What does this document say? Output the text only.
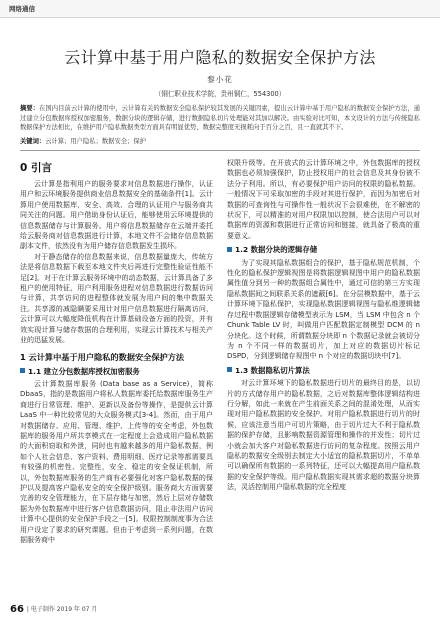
网络通信
云计算中基于用户隐私的数据安全保护方法
黎小花
（铜仁职业技术学院，贵州铜仁，554300）
摘要：在国内目前云计算的使用中，云计算有关的数据安全隐私保护较其发展的关键因素，提出云计算中基于用户隐私的数据安全保护方法，通过建立分包数据库授权加密服务，数据分块的逻辑存储，进行数据隐私切片处理能对其加以解决。由实验对比可知，本文设计的方法与传统隐私数据保护方法相比，在维护用户隐私数据类型方面具有明显优势，数据完整度无损耗向于百分之百，且一直就其不下。
关键词：云计算；用户隐私；数据安全；保护
0 引言

云计算是指利用户的服务要求对信息数据进行操作，认证用户和云环境服务提供商业信息数据安全的基础条件[1]。云计算用户使用数据库，安全、高效、合理的认证用户与服务商共同关注的问题。用户借助身份认证后，能够使用云环境提供的信息数据储存与计算服务。用户将信息数据储存在云端并委托给云服务商对信息数据进行计算，本地文件不会储存信息数据副本文件，依然没有为用户储存信息数据发生损坏。

对于静态储存的信息数据来说，信息数据量庞大，传统方法是将信息数据下载至本地文件夹后再进行完整性验证性能不足[2]。对于在计算云服务环境中的动态数据，云计算具备了多租户的使用特征，用户利用服务进程对信息数据进行数据访问与计算，共享访问的进程整体就发展为用户间的集中数据关注。共享源的减隐瞒要采用计对用户信息数据进行隔离访问，云计算可以大幅度降低机构在计算基础设备方面的投资，并有效实现计算与储存数据的合理利用，实现云计算技术与相关产业的迅猛发展。

1 云计算中基于用户隐私的数据安全保护方法
1.1 建立分包数据库授权加密服务

云计算数据库服务 (Data base as a Service)，简称 DbaaS，指的是数据用户将私人数据库委托给数据库服务生产商进行日常管理、维护、更新以及备份等操作，是提供云计算 LaaS 中一种比较常见的大众服务模式[3-4]。然而，由于用户对数据储存、应用、管理、维护、上传等的安全考虑，外包数据库的服务用户所共享模式在一定程度上会造成用户隐私数据的大面积窃取和外泄，同时也有越来越多的用户隐私数据，例如个人社会信息、客户资料、费用明细、医疗记录等都需要具有较强的机密性、完整性，安全、稳定的安全保证机制，所以，外包数据库服务的生产商有必要强化对客户隐私数据的保护以及提高客户隐私安全的安全保护级别。服务商大方面需要完善的安全管理能力，在下层存储与加密，然后上层对存储数据为外包数据库中进行客户信息数据访问，阻止非法用户访问计算中心提供的安全保护手段之一[5]。权限控制制度事为合法用户设定了要求的研究课题。但由于考虑到一系列问题，在数据服务商中

权限升级等。在开放式的云计算环境之中，外包数据库的授权数据也必须加强保护，防止授权用户的社会信息及其身份被不法分子利用。所以，有必要保护用户访问的权限的隐私数据。一般情况下可采取加密的手段对其进行保护，而因为加密后对数据的可查询性与可操作性一般状况下会很难使，在不解密的状况下，可以精准的对用户权限加以控制，使合法用户可以对数据库的资源和数据进行正常访问和链接，就具备了极高的重要意义。

1.2 数据分块的逻辑存储

为了实现其隐私数据组合的保护，基于隐私规范机制，个性化的隐私保护逻辑视图是将数据逻辑视图中用户的隐私数据属性值分到另一种的数据组合属性中，通过可信的第三方实现隐私数据间之间联系关系的遮蔽[6]。在分层模数据中，基于云计算环境下隐私保护，实现隐私数据逻辑视图与隐私维逻辑储存过程中数据逻辑存储模型表示为 LSM，当 LSM 中包含 n 个 Chunk Table LV 时，叫做用户匹配数据定制模型 DCM 的 n 分块化。这个时候，所谓数据分块即 n 个数据记录就会被切分为 n 个不同一样的数据切片，加上对应的数据切片标记 DSPD，分到逻辑储存视图中 n 个对应的数据切块中[7]。

1.3 数据隐私切片算法

对云计算环境下的隐私数据进行切片的最终目的是，以切片的方式储存用户的隐私数据，之后对数据库整体逻辑结构进行分解，如此一来就在产生前面关系之间的混淆处理，从而实现对用户隐私数据的安全保护。对用户隐私数据进行切片的时候，应该注意当用户可切片策略，由于切片过大不利于隐私数据的保护存储，且影响数据资源管理和操作的并发性；切片过小就会加大客户对隐私数据进行访问的复杂程度。按照云用户隐私的数据安全级别去制定大小适宜的隐私数据切片，不单单可以确保所有数据的一系列特征，还可以大幅提高用户隐私数据的安全保护等级。用户隐私数据实现其需求超的数据分块算法，灵活控制用户隐私数据的完全程度

66 | 电子制作 2019 年 07 月
